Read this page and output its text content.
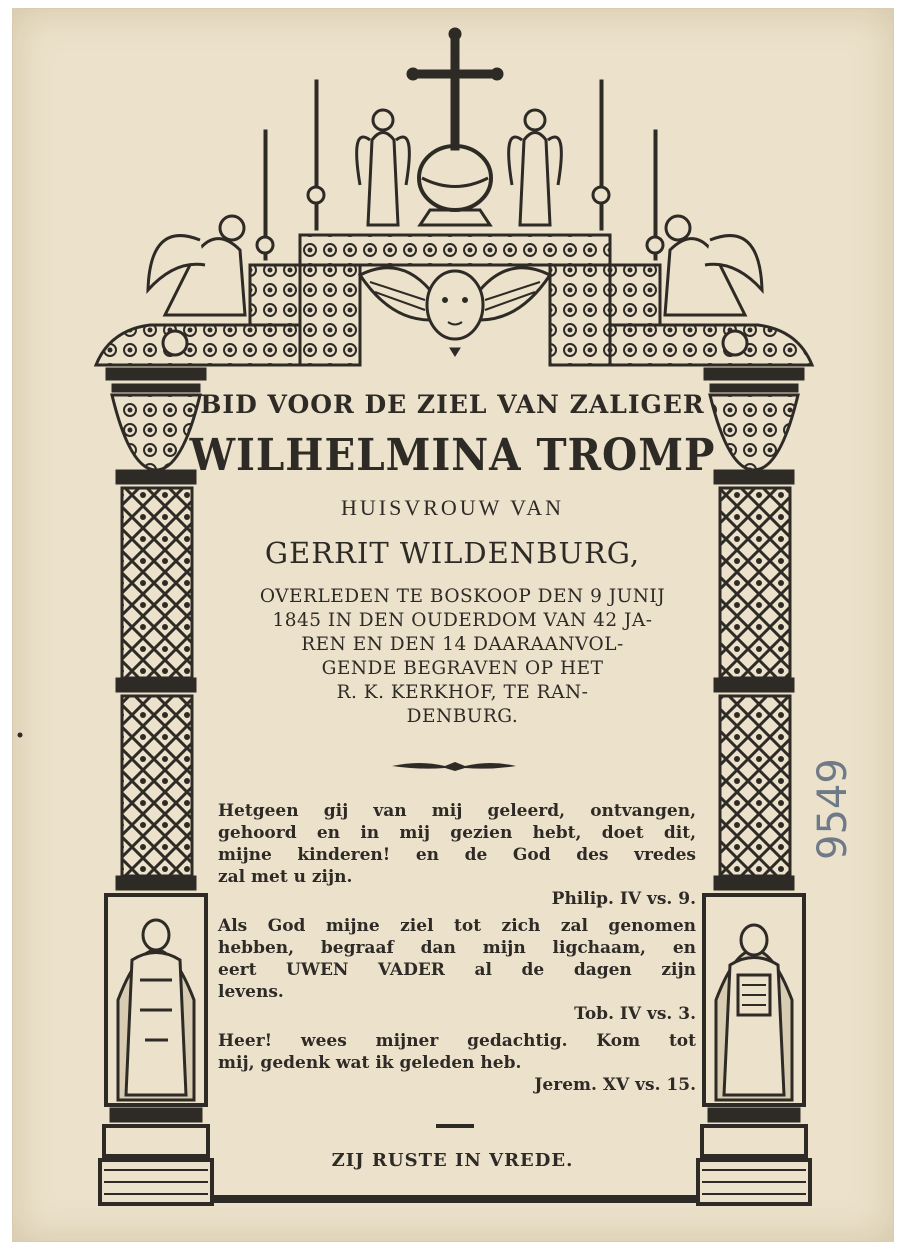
BID VOOR DE ZIEL VAN ZALIGER
WILHELMINA TROMP
HUISVROUW VAN
GERRIT WILDENBURG,
OVERLEDEN TE BOSKOOP DEN 9 JUNIJ
1845 IN DEN OUDERDOM VAN 42 JA-
REN EN DEN 14 DAARAANVOL-
GENDE BEGRAVEN OP HET
R. K. KERKHOF, TE RAN-
DENBURG.
Hetgeen gij van mij geleerd, ontvangen,
gehoord en in mij gezien hebt, doet dit,
mijne kinderen! en de God des vredes
zal met u zijn.
Philip. IV vs. 9.
Als God mijne ziel tot zich zal genomen
hebben, begraaf dan mijn ligchaam, en
eert UWEN VADER al de dagen zijn
levens.
Tob. IV vs. 3.
Heer! wees mijner gedachtig. Kom tot
mij, gedenk wat ik geleden heb.
Jerem. XV vs. 15.
ZIJ RUSTE IN VREDE.
9549
